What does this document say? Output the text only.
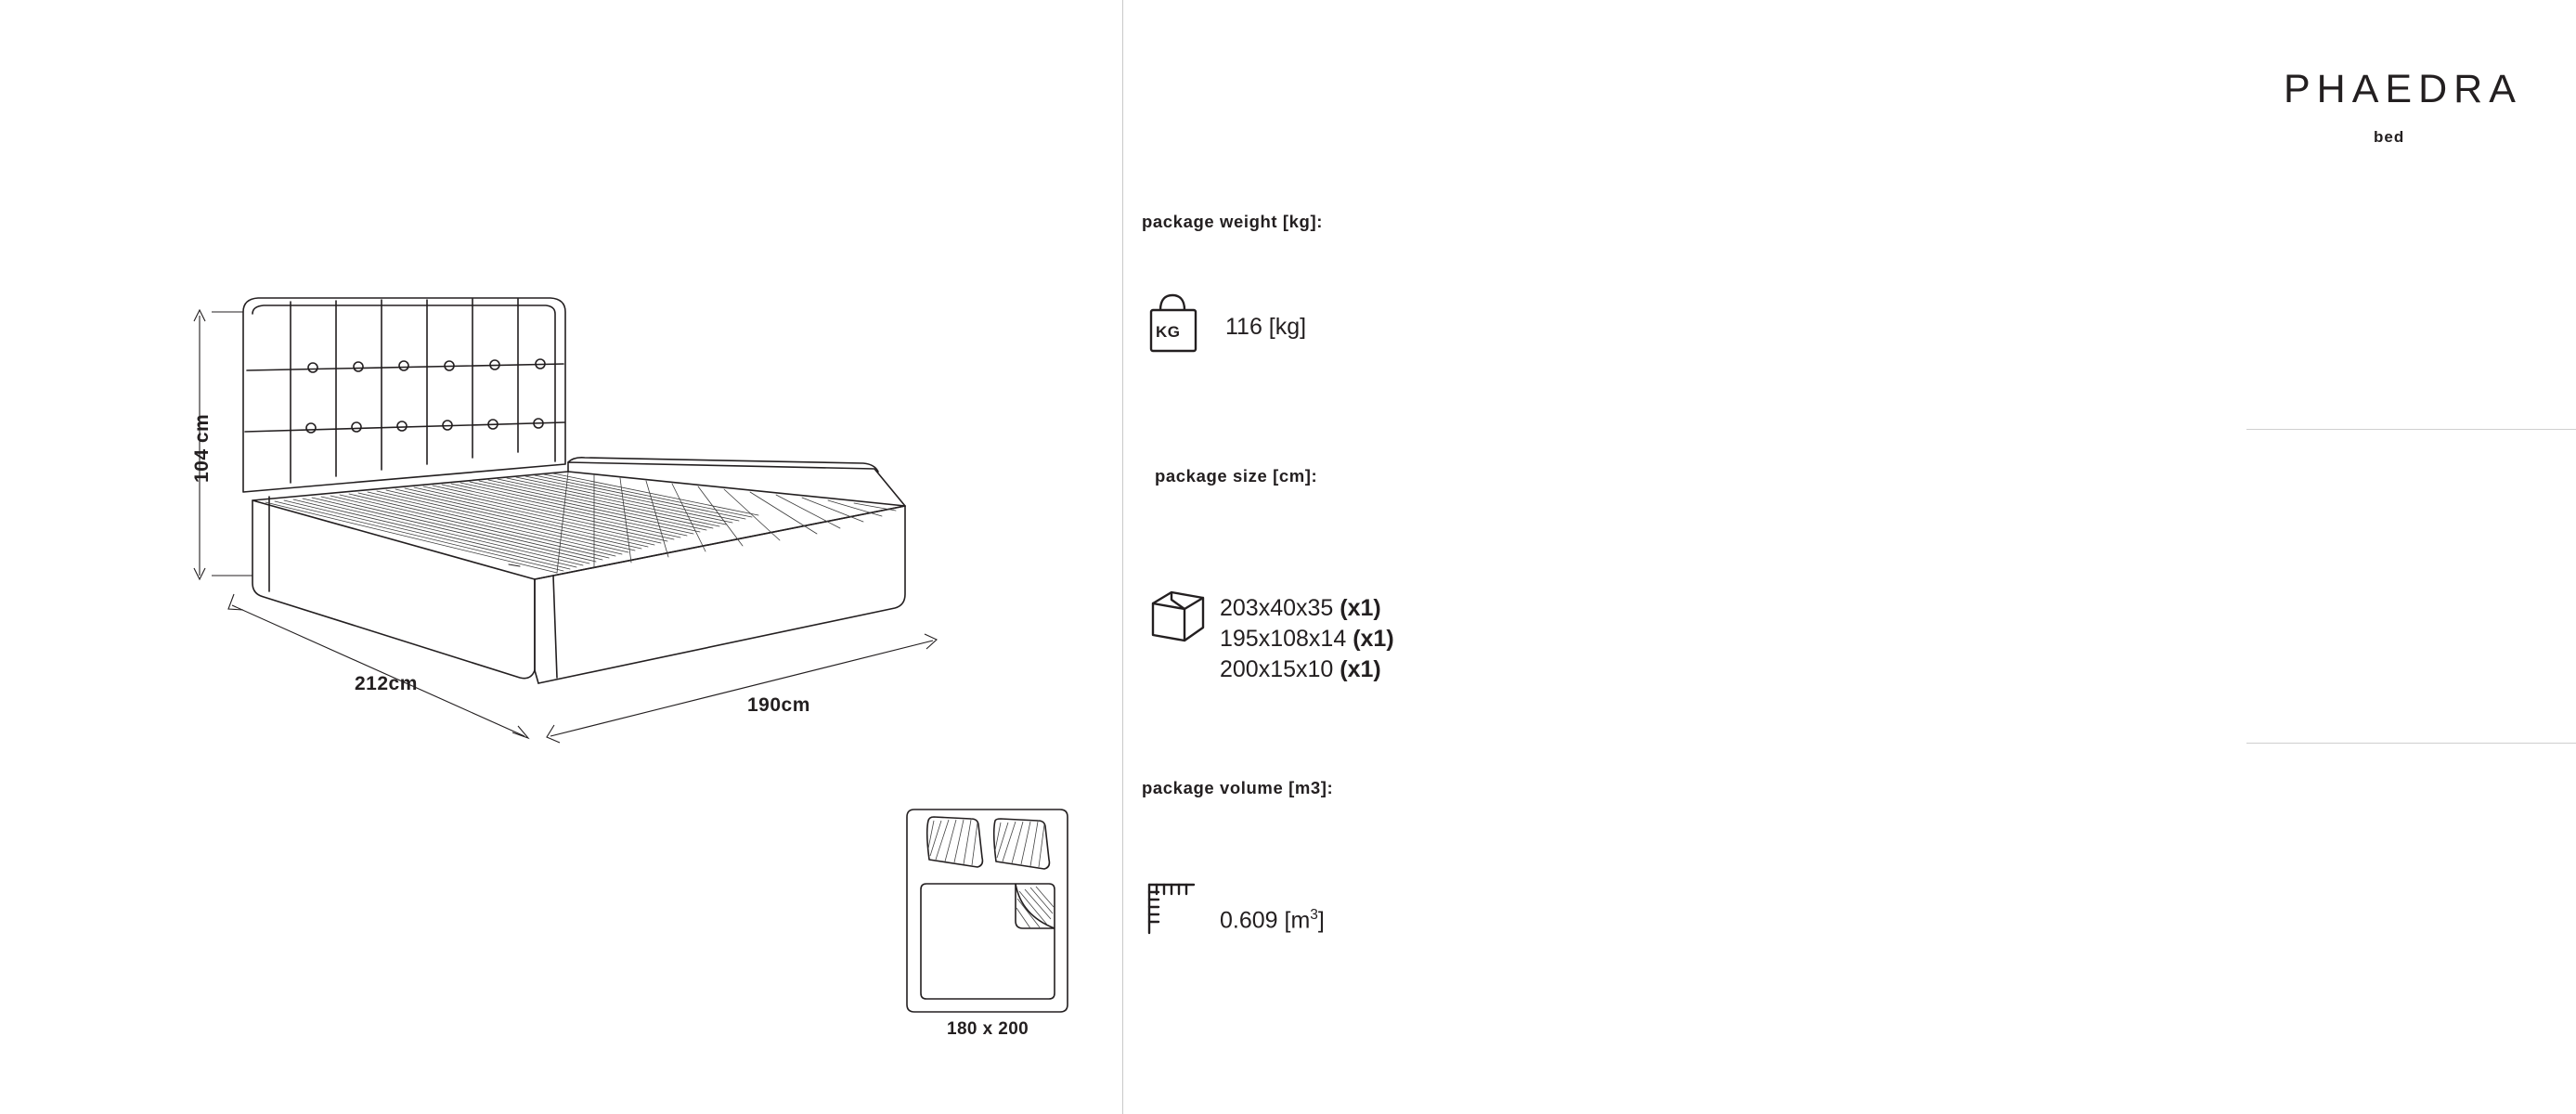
104 cm
212cm
190cm
180 x 200
PHAEDRA
bed
package weight [kg]:
KG 116 [kg]
package size [cm]:
203x40x35 (x1)
195x108x14 (x1)
200x15x10 (x1)
package volume [m3]:
0.609 $[m^3]$
